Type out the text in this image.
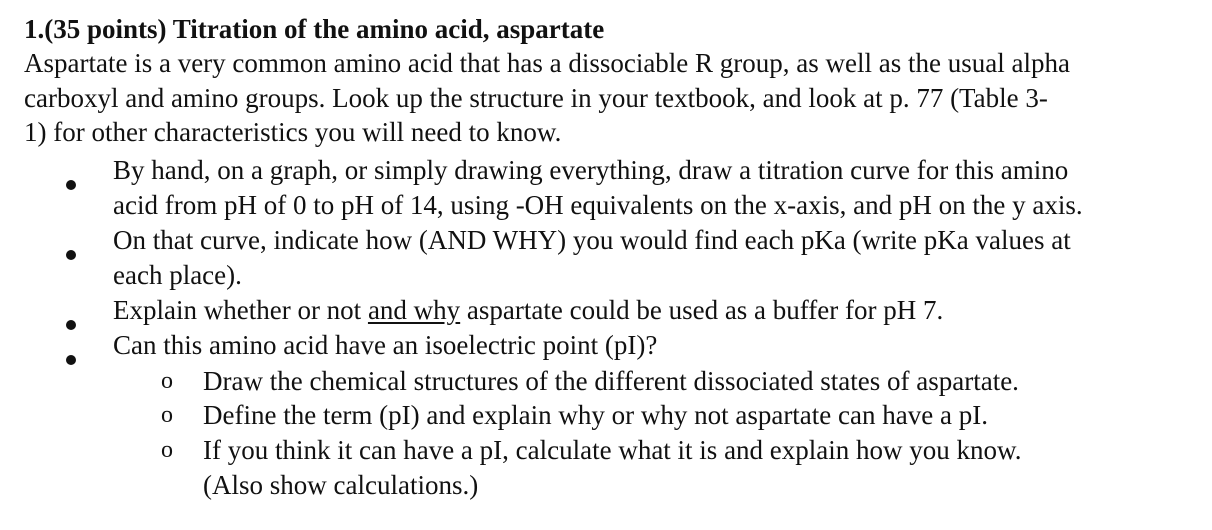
1.(35 points) Titration of the amino acid, aspartate
Aspartate is a very common amino acid that has a dissociable R group, as well as the usual alpha
carboxyl and amino groups. Look up the structure in your textbook, and look at p. 77 (Table 3-
1) for other characteristics you will need to know.
By hand, on a graph, or simply drawing everything, draw a titration curve for this amino
acid from pH of 0 to pH of 14, using -OH equivalents on the x-axis, and pH on the y axis.
On that curve, indicate how (AND WHY) you would find each pKa (write pKa values at
each place).
Explain whether or not and why aspartate could be used as a buffer for pH 7.
Can this amino acid have an isoelectric point (pI)?
o Draw the chemical structures of the different dissociated states of aspartate.
o Define the term (pI) and explain why or why not aspartate can have a pI.
o If you think it can have a pI, calculate what it is and explain how you know.
(Also show calculations.)
